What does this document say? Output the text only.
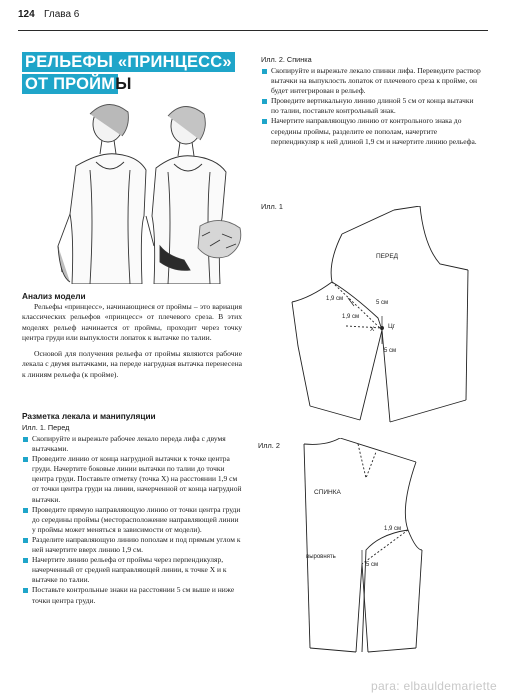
124 Глава 6
РЕЛЬЕФЫ «ПРИНЦЕСС»
ОТ ПРОЙМЫ
Анализ модели

Рельефы «принцесс», начинающиеся от проймы – это вариация классических рельефов «принцесс» от плечевого среза. В этих моделях рельеф начинается от проймы, проходит через точку центра груди или выпуклости лопаток к вытачке по талии.

Основой для получения рельефа от проймы являются рабочие лекала с двумя вытачками, на переде нагрудная вытачка перенесена к линиям рельефа (к пройме).

Разметка лекала и манипуляции
Илл. 1. Перед
Скопируйте и вырежьте рабочее лекало переда лифа с двумя вытачками.
Проведите линию от конца нагрудной вытачки к точке центра груди. Начертите боковые линии вытачки по талии до точки центра груди. Поставьте отметку (точка X) на расстоянии 1,9 см от точки центра груди на линии, начерченной от конца нагрудной вытачки.
Проведите прямую направляющую линию от точки центра груди до середины проймы (месторасположение направляющей линии у проймы может меняться в зависимости от модели).
Разделите направляющую линию пополам и под прямым углом к ней начертите вверх линию 1,9 см.
Начертите линию рельефа от проймы через перпендикуляр, начерченный от средней направляющей линии, к точке X и к вытачке по талии.
Поставьте контрольные знаки на расстоянии 5 см выше и ниже точки центра груди.
Илл. 2. Спинка
Скопируйте и вырежьте лекало спинки лифа. Переведите раствор вытачки на выпуклость лопаток от плечевого среза к пройме, он будет интегрирован в рельеф.
Проведите вертикальную линию длиной 5 см от конца вытачки по талии, поставьте контрольный знак.
Начертите направляющую линию от контрольного знака до середины проймы, разделите ее пополам, начертите перпендикуляр к ней длиной 1,9 см и начертите линию рельефа.
Илл. 1
ПЕРЕД
1,9 см
5 см
1,9 см
X Цг
5 см
Илл. 2
СПИНКА
1,9 см
5 см
выровнять
para: elbauldemariette
